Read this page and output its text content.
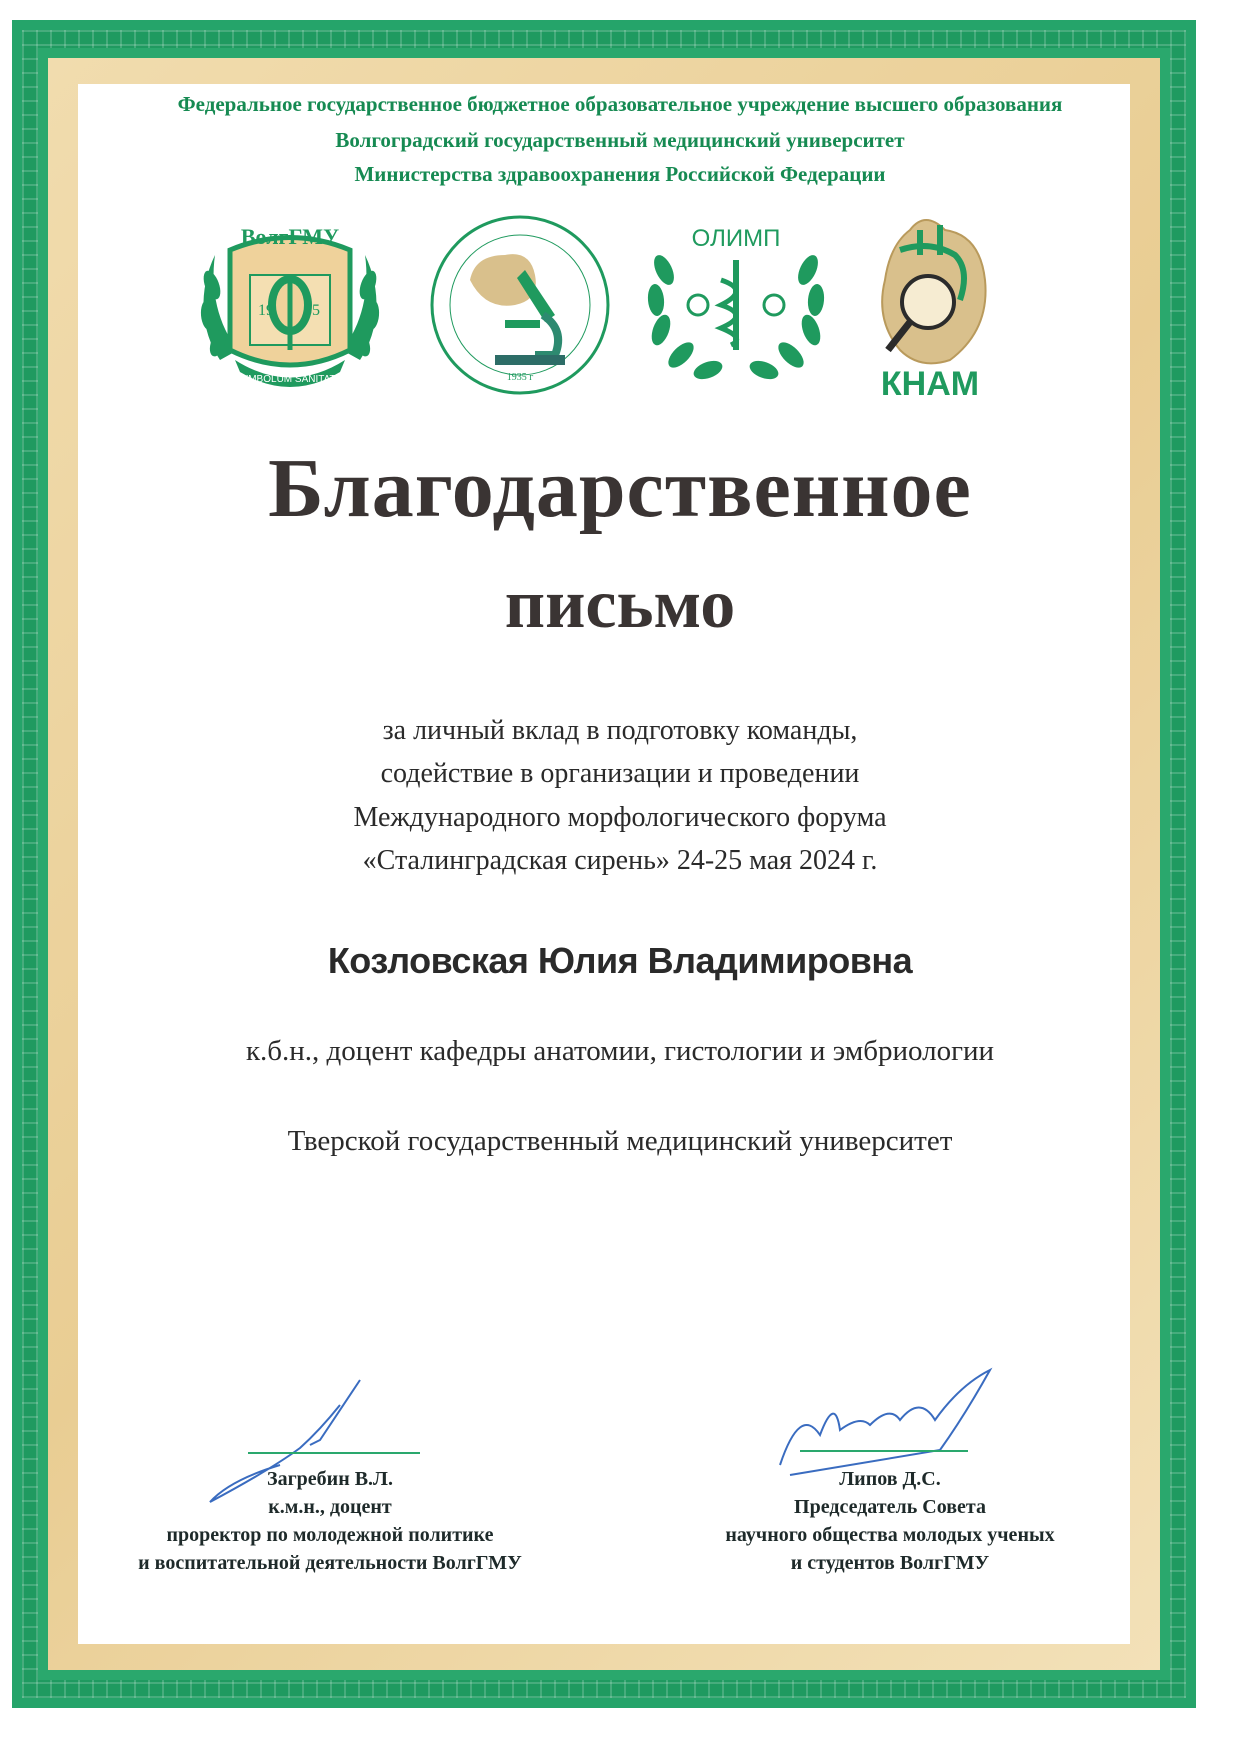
Федеральное государственное бюджетное образовательное учреждение высшего образования
Волгоградский государственный медицинский университет
Министерства здравоохранения Российской Федерации
19 35
ВолгГМУ
SYMBOLUM SANITATIS	1935 г
ОЛИМП
КНАМ
Благодарственное
письмо
за личный вклад в подготовку команды,
содействие в организации и проведении
Международного морфологического форума
«Сталинградская сирень» 24-25 мая 2024 г.
Козловская Юлия Владимировна
к.б.н., доцент кафедры анатомии, гистологии и эмбриологии
Тверской государственный медицинский университет
Загребин В.Л.
к.м.н., доцент
проректор по молодежной политике
и воспитательной деятельности ВолгГМУ
Липов Д.С.
Председатель Совета
научного общества молодых ученых
и студентов ВолгГМУ
